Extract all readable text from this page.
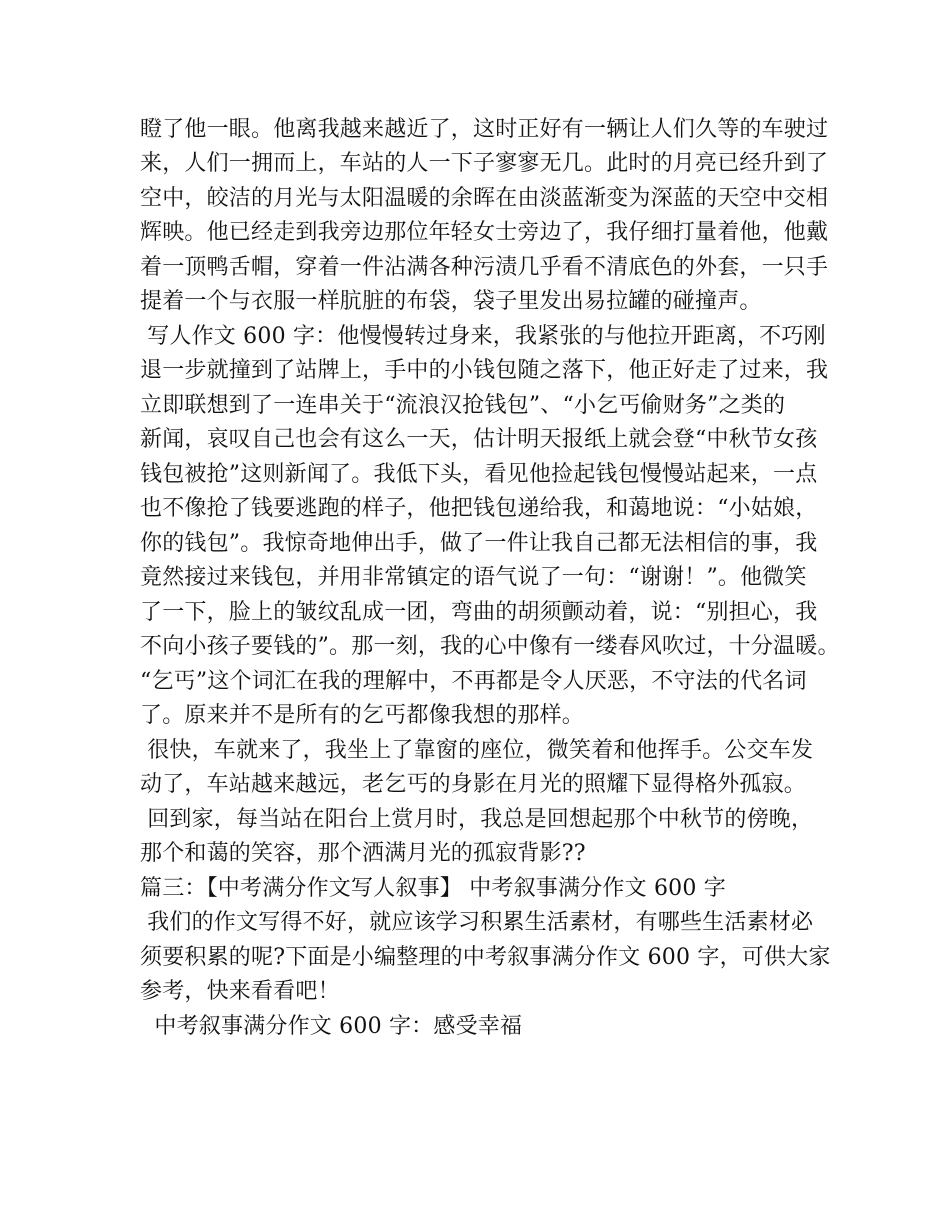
瞪了他一眼。他离我越来越近了，这时正好有一辆让人们久等的车驶过
来，人们一拥而上，车站的人一下子寥寥无几。此时的月亮已经升到了
空中，皎洁的月光与太阳温暖的余晖在由淡蓝渐变为深蓝的天空中交相
辉映。他已经走到我旁边那位年轻女士旁边了，我仔细打量着他，他戴
着一顶鸭舌帽，穿着一件沾满各种污渍几乎看不清底色的外套，一只手
提着一个与衣服一样肮脏的布袋，袋子里发出易拉罐的碰撞声。
写人作文 600 字：他慢慢转过身来，我紧张的与他拉开距离，不巧刚
退一步就撞到了站牌上，手中的小钱包随之落下，他正好走了过来，我
立即联想到了一连串关于“流浪汉抢钱包”、“小乞丐偷财务”之类的
新闻，哀叹自己也会有这么一天，估计明天报纸上就会登“中秋节女孩
钱包被抢”这则新闻了。我低下头，看见他捡起钱包慢慢站起来，一点
也不像抢了钱要逃跑的样子，他把钱包递给我，和蔼地说：“小姑娘，
你的钱包”。我惊奇地伸出手，做了一件让我自己都无法相信的事，我
竟然接过来钱包，并用非常镇定的语气说了一句：“谢谢！”。他微笑
了一下，脸上的皱纹乱成一团，弯曲的胡须颤动着，说：“别担心，我
不向小孩子要钱的”。那一刻，我的心中像有一缕春风吹过，十分温暖。
“乞丐”这个词汇在我的理解中，不再都是令人厌恶，不守法的代名词
了。原来并不是所有的乞丐都像我想的那样。
很快，车就来了，我坐上了靠窗的座位，微笑着和他挥手。公交车发
动了，车站越来越远，老乞丐的身影在月光的照耀下显得格外孤寂。
回到家，每当站在阳台上赏月时，我总是回想起那个中秋节的傍晚，
那个和蔼的笑容，那个洒满月光的孤寂背影??
篇三：【中考满分作文写人叙事】 中考叙事满分作文 600 字
我们的作文写得不好，就应该学习积累生活素材，有哪些生活素材必
须要积累的呢?下面是小编整理的中考叙事满分作文 600 字，可供大家
参考，快来看看吧！
中考叙事满分作文 600 字：感受幸福
